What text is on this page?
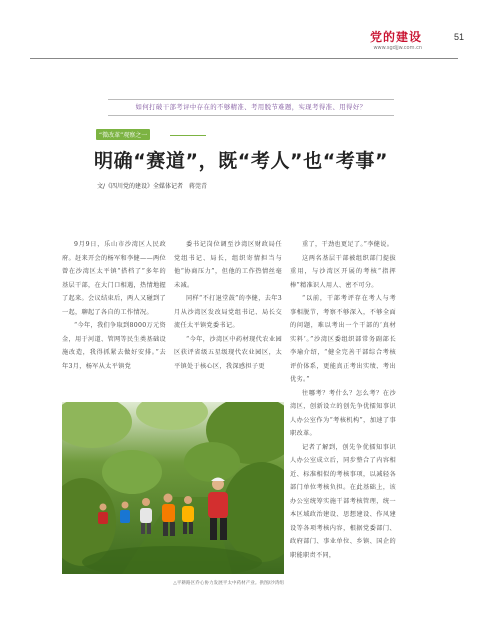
党的建设
www.sgdjjw.com.cn
51
如何打破干部考评中存在的不够精准、考用脱节难题，实现考得准、用得好？
“微改革”观察之一
明确“赛道”，既“考人”也“考事”
文/《四川党的建设》全媒体记者　蒋莞青

9月9日，乐山市沙湾区人民政府。赶来开会的杨军和李健——两位曾在沙湾区太平镇“搭档了”多年的基层干部，在大门口相遇，热情地握了起来。会议结束后，两人又碰到了一起，聊起了各自的工作情况。

“今年，我们争取到8000万元资金，用于河道、管网等民生类基础设施改造，我得抓紧去做好安排。”去年3月，杨军从太平镇党

委书记岗位调至沙湾区财政局任党组书记、局长，组织寄情担当与他“协商压力”，但他的工作热情丝毫未减。

同样“不打退堂鼓”的李健，去年3月从沙湾区发改局党组书记、局长交流任太平镇党委书记。

“今年，沙湾区中药材现代农业园区获评省级五星级现代农业园区，太平镇处于核心区，我深感担子更

重了，干劲也更足了。”李健说。

这两名基层干部被组织部门提拔重用，与沙湾区开展的考核“指挥棒”精准识人用人、密不可分。

“以前，干部考评存在考人与考事相脱节，考察不够深入，不够全面的问题，难以考出一个干部的‘真材实料’。”沙湾区委组织部常务副部长李瑜介绍，“健全完善干部综合考核评价体系，更能真正考出实绩、考出优劣。”

往哪考？考什么？怎么考？在沙湾区，创新设立的创先争优擂知事识人办公室作为“考核机构”，加速了事职改革。

记者了解到，创先争优擂知事识人办公室成立后，同步整合了内容相近、标准相似的考核事项，以减轻各部门单位考核负担。在此基础上，该办公室统筹实施干部考核管理，统一本区域政治建设、思想建设、作风建设等各项考核内容，根据党委部门、政府部门、事业单位、乡镇、国企的职能职责不同，

△平耕路区乔心协力发展平太中药材产业。供图/沙湾组
